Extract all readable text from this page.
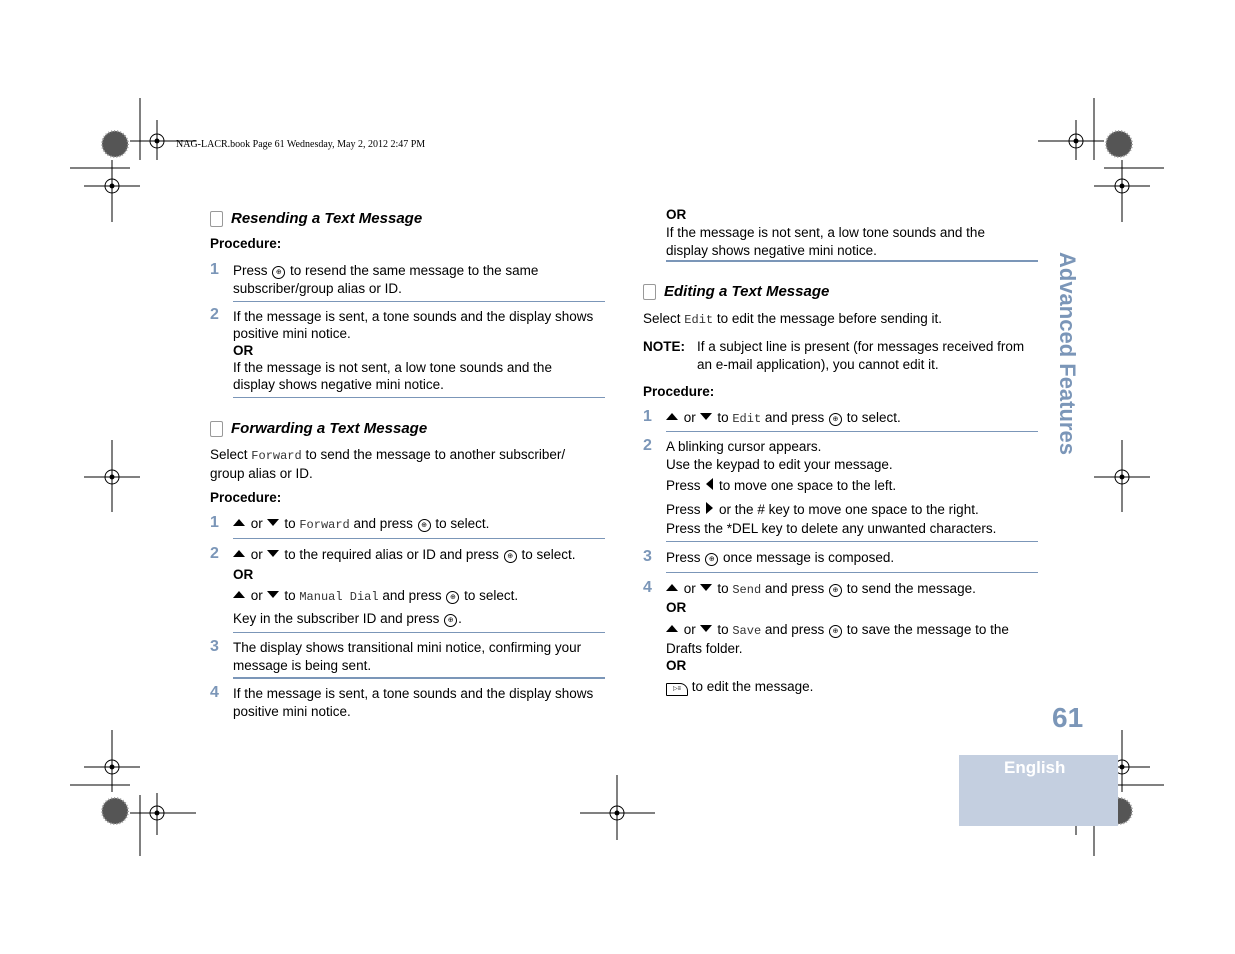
NAG-LACR.book Page 61 Wednesday, May 2, 2012 2:47 PM
Resending a Text Message
Procedure:
1 Press ⊕ to resend the same message to the same
subscriber/group alias or ID.
2 If the message is sent, a tone sounds and the display shows
positive mini notice.
OR
If the message is not sent, a low tone sounds and the
display shows negative mini notice.
Forwarding a Text Message
Select Forward to send the message to another subscriber/
group alias or ID.
Procedure:
1	or to Forward and press ⊕ to select.
2	or to the required alias or ID and press ⊕ to select.
OR
or to Manual Dial and press ⊕ to select.
Key in the subscriber ID and press ⊕ .
3 The display shows transitional mini notice, confirming your
message is being sent.
4 If the message is sent, a tone sounds and the display shows
positive mini notice.
OR
If the message is not sent, a low tone sounds and the
display shows negative mini notice.
Editing a Text Message
Select Edit to edit the message before sending it.
NOTE: If a subject line is present (for messages received from
an e-mail application), you cannot edit it.
Procedure:
1	or to Edit and press ⊕ to select.
2 A blinking cursor appears.
Use the keypad to edit your message.
Press to move one space to the left.
Press or the # key to move one space to the right.
Press the *DEL key to delete any unwanted characters.
3 Press ⊕ once message is composed.
4	or to Send and press ⊕ to send the message.
OR
or to Save and press ⊕ to save the message to the
Drafts folder.
OR
▷≡ to edit the message.
Advanced Features
61
English
